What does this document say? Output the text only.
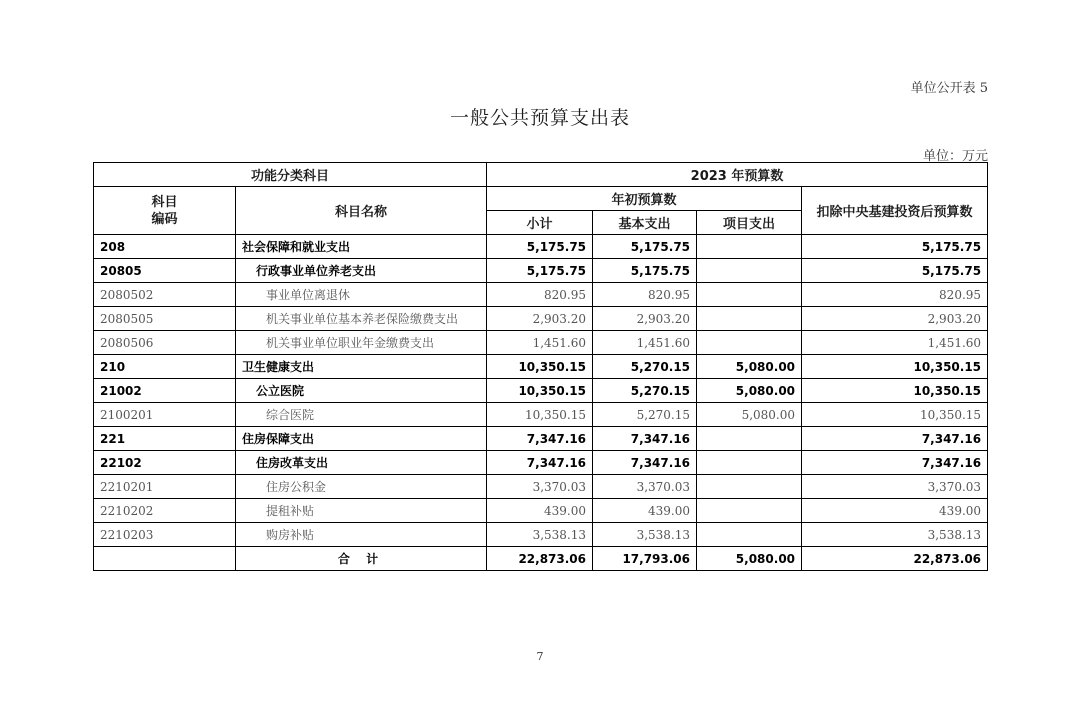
单位公开表 5
一般公共预算支出表
单位：万元
功能分类科目		2023 年预算数			
科目
编码	科目名称	年初预算数			扣除中央基建投资后预算数
		小计	基本支出	项目支出	
208	社会保障和就业支出	5,175.75	5,175.75		5,175.75
20805	行政事业单位养老支出	5,175.75	5,175.75		5,175.75
2080502	事业单位离退休	820.95	820.95		820.95
2080505	机关事业单位基本养老保险缴费支出	2,903.20	2,903.20		2,903.20
2080506	机关事业单位职业年金缴费支出	1,451.60	1,451.60		1,451.60
210	卫生健康支出	10,350.15	5,270.15	5,080.00	10,350.15
21002	公立医院	10,350.15	5,270.15	5,080.00	10,350.15
2100201	综合医院	10,350.15	5,270.15	5,080.00	10,350.15
221	住房保障支出	7,347.16	7,347.16		7,347.16
22102	住房改革支出	7,347.16	7,347.16		7,347.16
2210201	住房公积金	3,370.03	3,370.03		3,370.03
2210202	提租补贴	439.00	439.00		439.00
2210203	购房补贴	3,538.13	3,538.13		3,538.13
	合 计	22,873.06	17,793.06	5,080.00	22,873.06
7
